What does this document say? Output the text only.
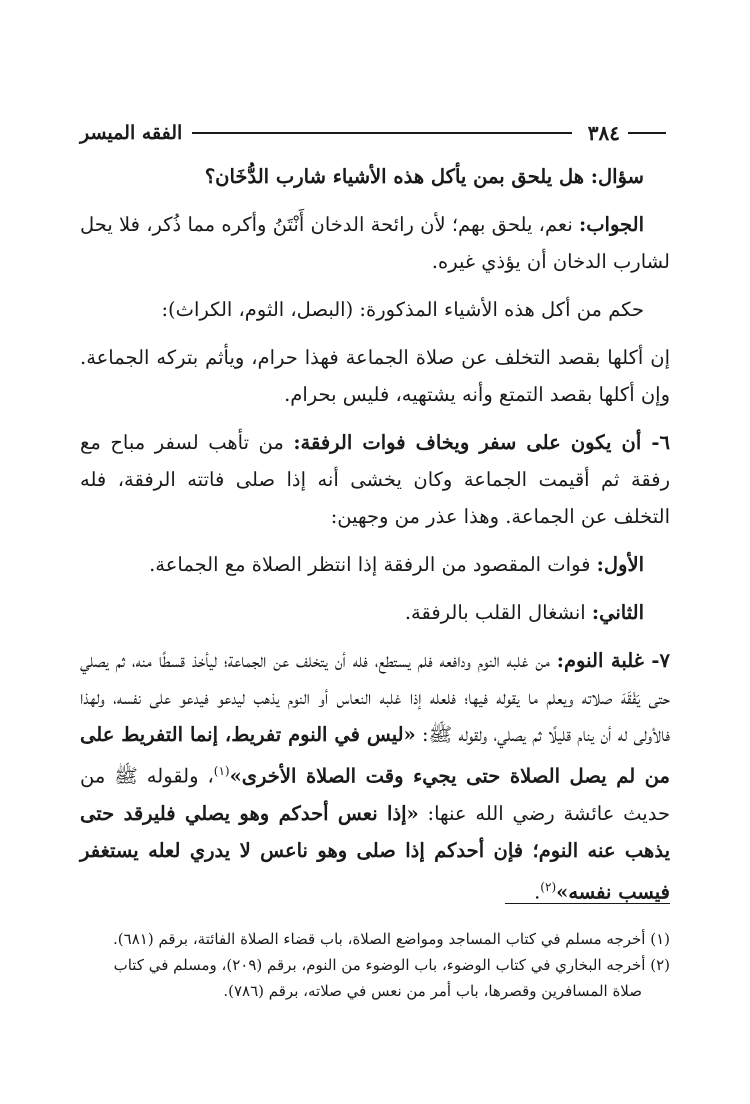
٣٨٤
الفقه الميسر

سؤال: هل يلحق بمن يأكل هذه الأشياء شارب الدُّخَان؟

الجواب: نعم، يلحق بهم؛ لأن رائحة الدخان أَنْتَنُ وأكره مما ذُكر، فلا يحل لشارب الدخان أن يؤذي غيره.

حكم من أكل هذه الأشياء المذكورة: (البصل، الثوم، الكراث):

إن أكلها بقصد التخلف عن صلاة الجماعة فهذا حرام، ويأثم بتركه الجماعة. وإن أكلها بقصد التمتع وأنه يشتهيه، فليس بحرام.

٦- أن يكون على سفر ويخاف فوات الرفقة: من تأهب لسفر مباح مع رفقة ثم أقيمت الجماعة وكان يخشى أنه إذا صلى فاتته الرفقة، فله التخلف عن الجماعة. وهذا عذر من وجهين:

الأول: فوات المقصود من الرفقة إذا انتظر الصلاة مع الجماعة.

الثاني: انشغال القلب بالرفقة.

٧- غلبة النوم: من غلبه النوم ودافعه فلم يستطع، فله أن يتخلف عن الجماعة؛ ليأخذ قسطًا منه، ثم يصلي حتى يَفْقَهَ صلاته ويعلم ما يقوله فيها؛ فلعله إذا غلبه النعاس أو النوم يذهب ليدعو فيدعو على نفسه، ولهذا فالأولى له أن ينام قليلًا ثم يصلي، ولقوله ﷺ: «ليس في النوم تفريط، إنما التفريط على من لم يصل الصلاة حتى يجيء وقت الصلاة الأخرى»$^{(١)}$، ولقوله ﷺ من حديث عائشة رضي الله عنها: «إذا نعس أحدكم وهو يصلي فليرقد حتى يذهب عنه النوم؛ فإن أحدكم إذا صلى وهو ناعس لا يدري لعله يستغفر فيسب نفسه»$^{(٢)}$.

(١) أخرجه مسلم في كتاب المساجد ومواضع الصلاة، باب قضاء الصلاة الفائتة، برقم (٦٨١).

(٢) أخرجه البخاري في كتاب الوضوء، باب الوضوء من النوم، برقم (٢٠٩)، ومسلم في كتاب

صلاة المسافرين وقصرها، باب أمر من نعس في صلاته، برقم (٧٨٦).
